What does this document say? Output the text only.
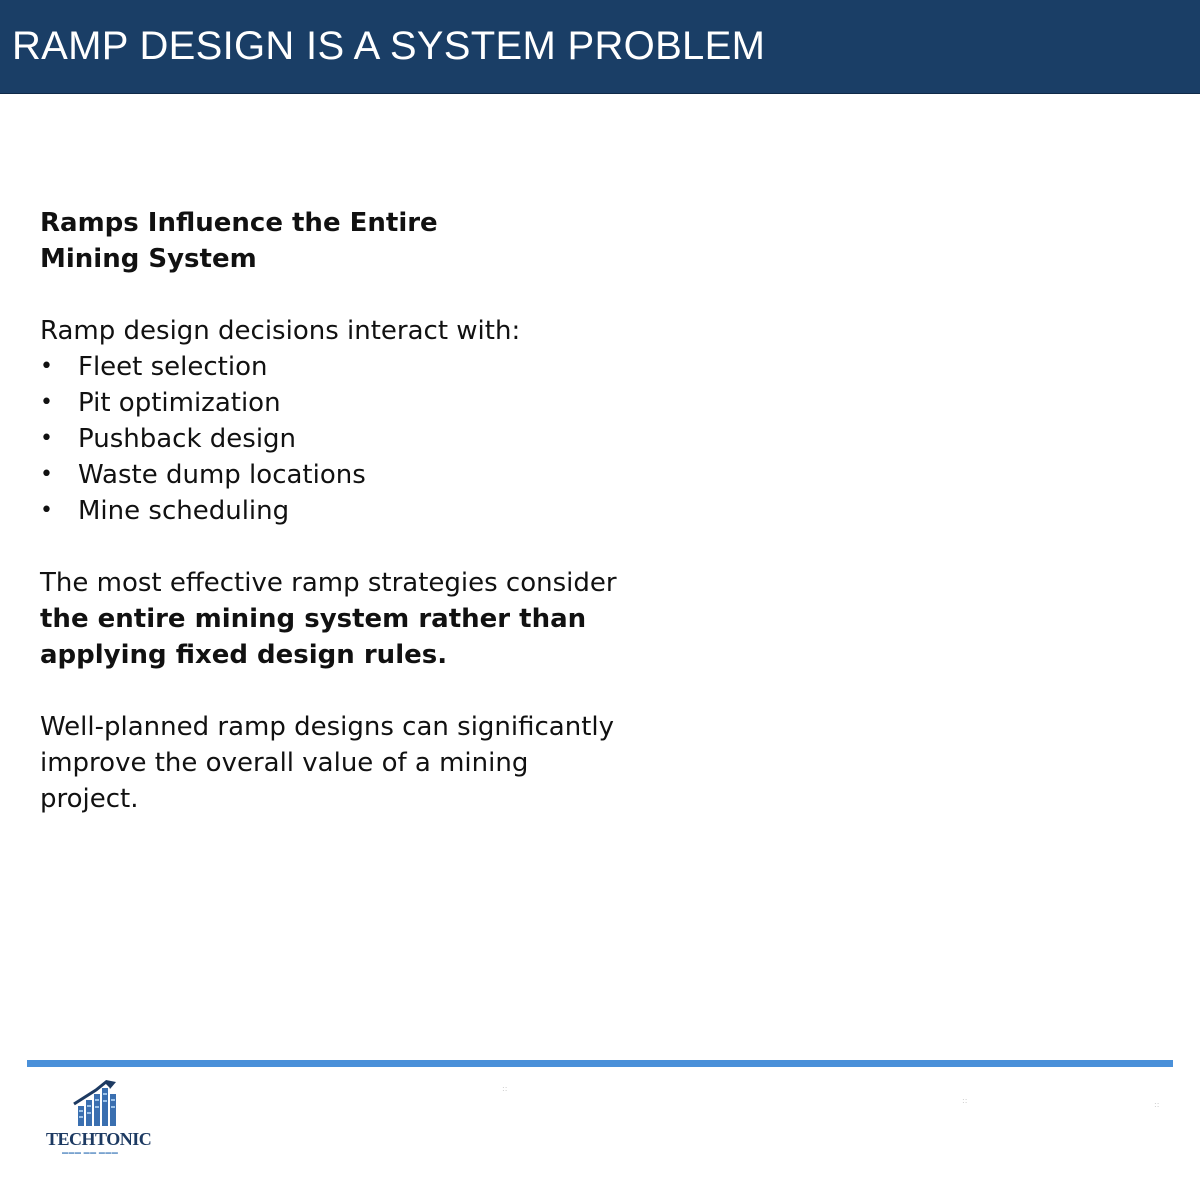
RAMP DESIGN IS A SYSTEM PROBLEM

Ramps Influence the Entire Mining System

Ramp design decisions interact with:

• Fleet selection
• Pit optimization
• Pushback design
• Waste dump locations
• Mine scheduling

The most effective ramp strategies consider the entire mining system rather than applying fixed design rules.

Well-planned ramp designs can significantly improve the overall value of a mining project.

TECHTONIC
▬▬▬ ▬▬ ▬▬▬
::
::	::
